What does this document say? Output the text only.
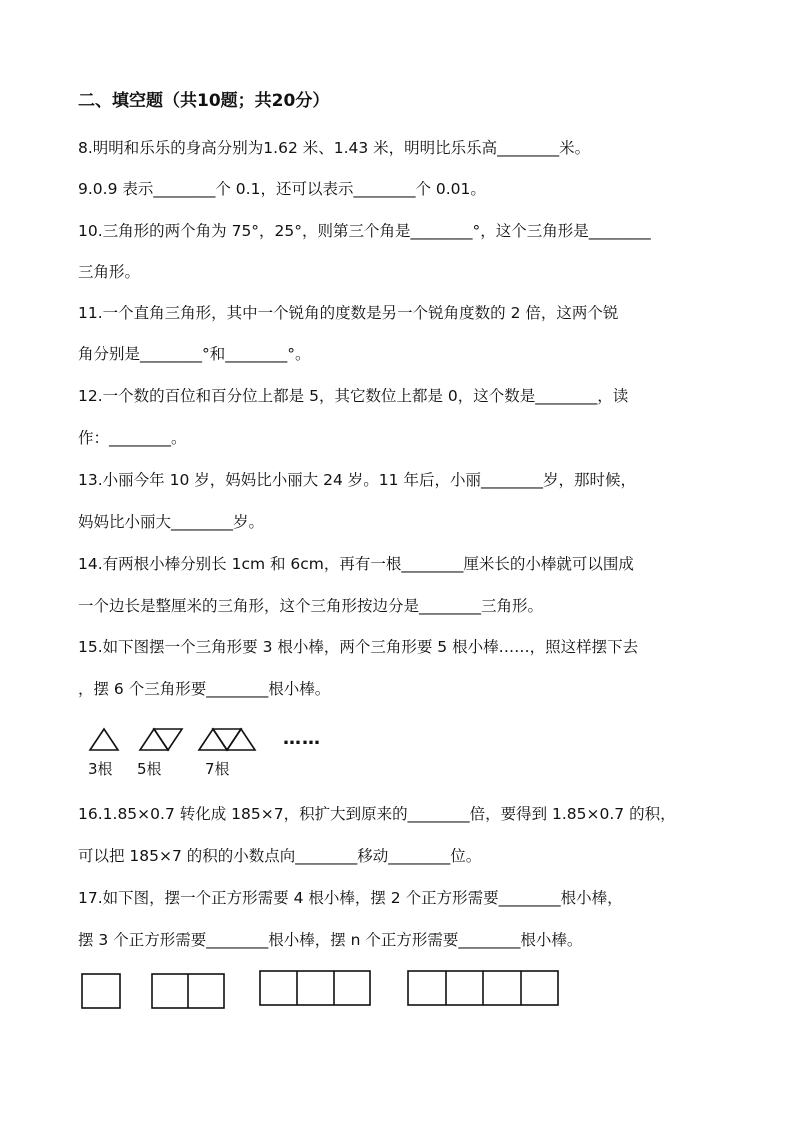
二、填空题（共10题；共20分）
8.明明和乐乐的身高分别为1.62 米、1.43 米，明明比乐乐高________米。
9.0.9 表示________个 0.1，还可以表示________个 0.01。
10.三角形的两个角为 75°，25°，则第三个角是________°，这个三角形是________
三角形。
11.一个直角三角形，其中一个锐角的度数是另一个锐角度数的 2 倍，这两个锐
角分别是________°和________°。
12.一个数的百位和百分位上都是 5，其它数位上都是 0，这个数是________，读
作：________。
13.小丽今年 10 岁，妈妈比小丽大 24 岁。11 年后，小丽________岁，那时候，
妈妈比小丽大________岁。
14.有两根小棒分别长 1cm 和 6cm，再有一根________厘米长的小棒就可以围成
一个边长是整厘米的三角形，这个三角形按边分是________三角形。
15.如下图摆一个三角形要 3 根小棒，两个三角形要 5 根小棒……，照这样摆下去
，摆 6 个三角形要________根小棒。
……
3根 5根	7根
16.1.85×0.7 转化成 185×7，积扩大到原来的________倍，要得到 1.85×0.7 的积，
可以把 185×7 的积的小数点向________移动________位。
17.如下图，摆一个正方形需要 4 根小棒，摆 2 个正方形需要________根小棒，
摆 3 个正方形需要________根小棒，摆 n 个正方形需要________根小棒。
